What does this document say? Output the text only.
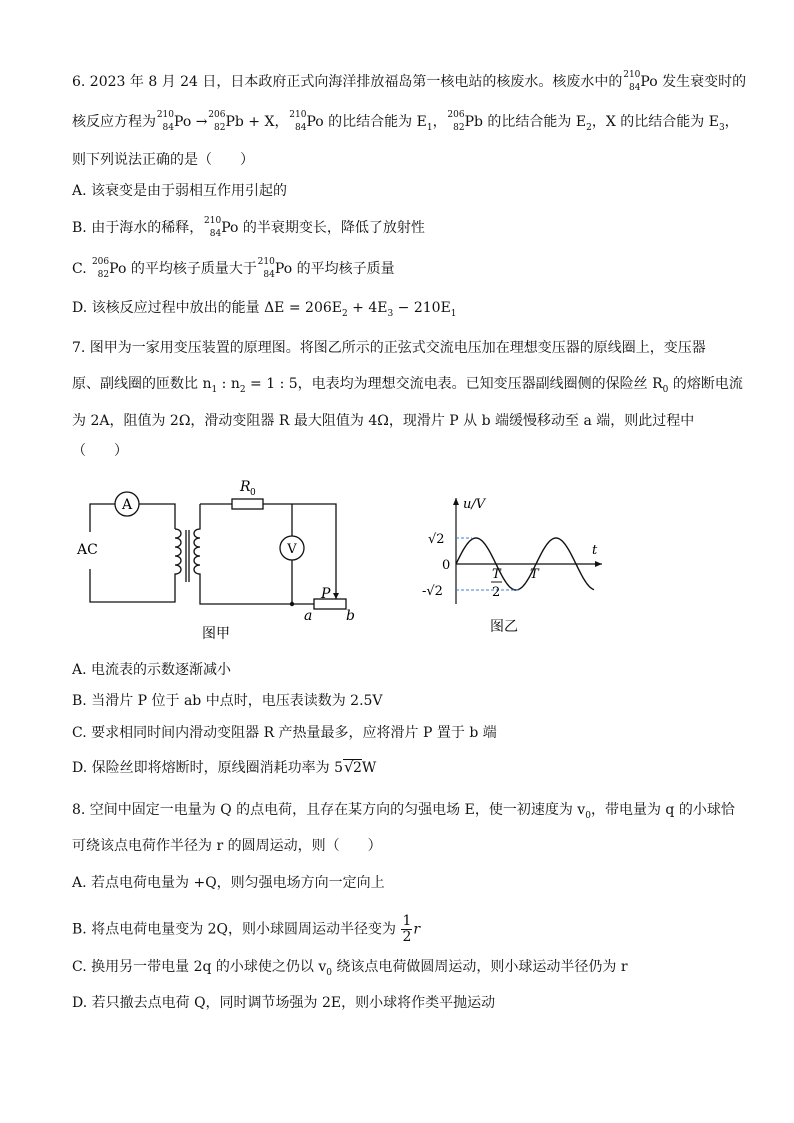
6. 2023 年 8 月 24 日，日本政府正式向海洋排放福岛第一核电站的核废水。核废水中的 210
84 Po 发生衰变时的
核反应方程为 210
84 Po → 206
82 Pb + X， 210
84 Po 的比结合能为 $E_1$， 206
82 Pb 的比结合能为 $E_2$，X 的比结合能为 $E_3$，
则下列说法正确的是（　　）
A. 该衰变是由于弱相互作用引起的
B. 由于海水的稀释， 210
84 Po 的半衰期变长，降低了放射性
C. 206
82 Po 的平均核子质量大于 210
84 Po 的平均核子质量
D. 该核反应过程中放出的能量 $\Delta E = 206E_2 + 4E_3 - 210E_1$
7. 图甲为一家用变压装置的原理图。将图乙所示的正弦式交流电压加在理想变压器的原线圈上，变压器
原、副线圈的匝数比 $n_1$ : $n_2 = 1$ : 5，电表均为理想交流电表。已知变压器副线圈侧的保险丝 $R_0$ 的熔断电流
为 2A，阻值为 2Ω，滑动变阻器 R 最大阻值为 4Ω，现滑片 P 从 b 端缓慢移动至 a 端，则此过程中
（　　）
A
AC
R 0
V
P
a b
图甲
u/V
t
√2
0
-√2
T
2
T
图乙
A. 电流表的示数逐渐减小
B. 当滑片 P 位于 ab 中点时，电压表读数为 2.5V
C. 要求相同时间内滑动变阻器 R 产热量最多，应将滑片 P 置于 b 端
D. 保险丝即将熔断时，原线圈消耗功率为 5 √ 2W
8. 空间中固定一电量为 Q 的点电荷，且存在某方向的匀强电场 E，使一初速度为 $v_0$，带电量为 q 的小球恰
可绕该点电荷作半径为 r 的圆周运动，则（　　）
A. 若点电荷电量为 +Q，则匀强电场方向一定向上
B. 将点电荷电量变为 2Q，则小球圆周运动半径变为 $\frac{1}{2}$ r
C. 换用另一带电量 2q 的小球使之仍以 $v_0$ 绕该点电荷做圆周运动，则小球运动半径仍为 r
D. 若只撤去点电荷 Q，同时调节场强为 2E，则小球将作类平抛运动
